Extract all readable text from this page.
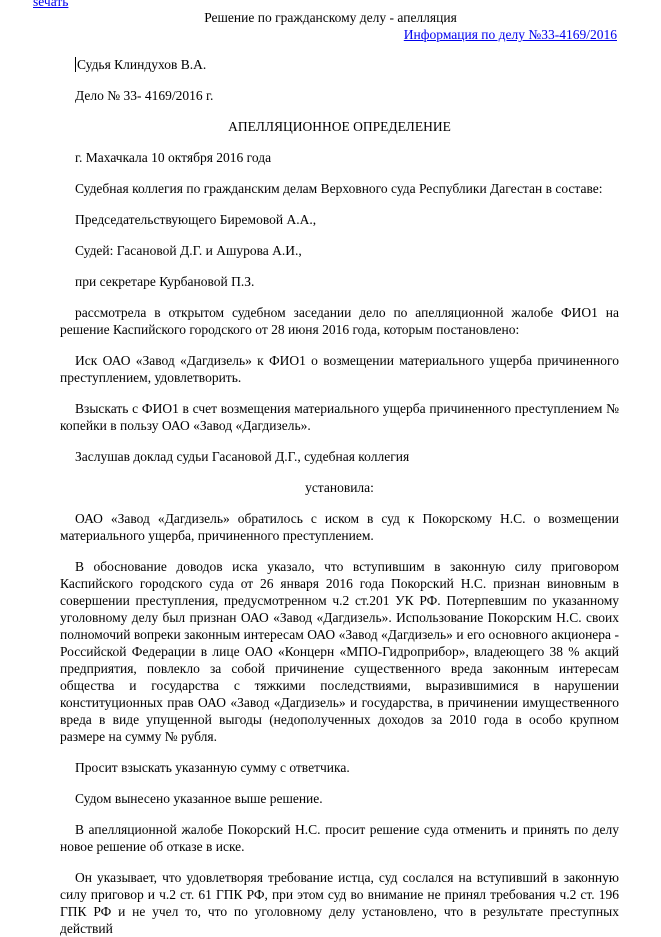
sечать
Решение по гражданскому делу - апелляция
Информация по делу №33-4169/2016

Судья Клиндухов В.А.

Дело № 33- 4169/2016 г.

АПЕЛЛЯЦИОННОЕ ОПРЕДЕЛЕНИЕ

г. Махачкала 10 октября 2016 года

Судебная коллегия по гражданским делам Верховного суда Республики Дагестан в составе:

Председательствующего Биремовой А.А.,

Судей: Гасановой Д.Г. и Ашурова А.И.,

при секретаре Курбановой П.З.

рассмотрела в открытом судебном заседании дело по апелляционной жалобе ФИО1 на решение Каспийского городского от 28 июня 2016 года, которым постановлено:

Иск ОАО «Завод «Дагдизель» к ФИО1 о возмещении материального ущерба причиненного преступлением, удовлетворить.

Взыскать с ФИО1 в счет возмещения материального ущерба причиненного преступлением № копейки в пользу ОАО «Завод «Дагдизель».

Заслушав доклад судьи Гасановой Д.Г., судебная коллегия

установила:

ОАО «Завод «Дагдизель» обратилось с иском в суд к Покорскому Н.С. о возмещении материального ущерба, причиненного преступлением.

В обоснование доводов иска указало, что вступившим в законную силу приговором Каспийского городского суда от 26 января 2016 года Покорский Н.С. признан виновным в совершении преступления, предусмотренном ч.2 ст.201 УК РФ. Потерпевшим по указанному уголовному делу был признан ОАО «Завод «Дагдизель». Использование Покорским Н.С. своих полномочий вопреки законным интересам ОАО «Завод «Дагдизель» и его основного акционера - Российской Федерации в лице ОАО «Концерн «МПО-Гидроприбор», владеющего 38 % акций предприятия, повлекло за собой причинение существенного вреда законным интересам общества и государства с тяжкими последствиями, выразившимися в нарушении конституционных прав ОАО «Завод «Дагдизель» и государства, в причинении имущественного вреда в виде упущенной выгоды (недополученных доходов за 2010 года в особо крупном размере на сумму № рубля.

Просит взыскать указанную сумму с ответчика.

Судом вынесено указанное выше решение.

В апелляционной жалобе Покорский Н.С. просит решение суда отменить и принять по делу новое решение об отказе в иске.

Он указывает, что удовлетворяя требование истца, суд сослался на вступивший в законную силу приговор и ч.2 ст. 61 ГПК РФ, при этом суд во внимание не принял требования ч.2 ст. 196 ГПК РФ и не учел то, что по уголовному делу установлено, что в результате преступных действий
